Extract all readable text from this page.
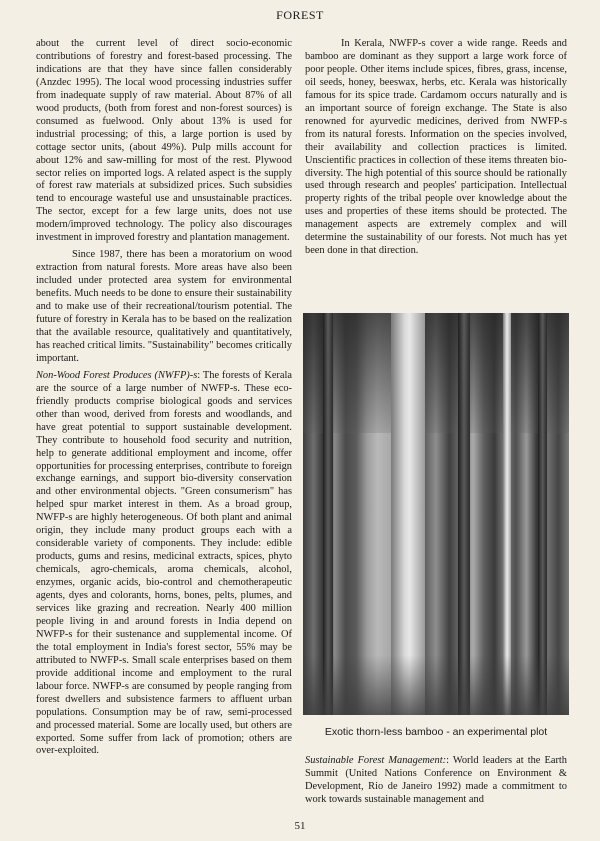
FOREST

about the current level of direct socio-economic contributions of forestry and forest-based processing. The indications are that they have since fallen considerably (Anzdec 1995). The local wood processing industries suffer from inadequate supply of raw material. About 87% of all wood products, (both from forest and non-forest sources) is consumed as fuelwood. Only about 13% is used for industrial processing; of this, a large portion is used by cottage sector units, (about 49%). Pulp mills account for about 12% and saw-milling for most of the rest. Plywood sector relies on imported logs. A related aspect is the supply of forest raw materials at subsidized prices. Such subsidies tend to encourage wasteful use and unsustainable practices. The sector, except for a few large units, does not use modern/improved technology. The policy also discourages investment in improved forestry and plantation management.

Since 1987, there has been a moratorium on wood extraction from natural forests. More areas have also been included under protected area system for environmental benefits. Much needs to be done to ensure their sustainability and to make use of their recreational/tourism potential. The future of forestry in Kerala has to be based on the realization that the available resource, qualitatively and quantitatively, has reached critical limits. "Sustainability" becomes critically important.

Non-Wood Forest Produces (NWFP)-s: The forests of Kerala are the source of a large number of NWFP-s. These eco-friendly products comprise biological goods and services other than wood, derived from forests and woodlands, and have great potential to support sustainable development. They contribute to household food security and nutrition, help to generate additional employment and income, offer opportunities for processing enterprises, contribute to foreign exchange earnings, and support bio-diversity conservation and other environmental objects. "Green consumerism" has helped spur market interest in them. As a broad group, NWFP-s are highly heterogeneous. Of both plant and animal origin, they include many product groups each with a considerable variety of components. They include: edible products, gums and resins, medicinal extracts, spices, phyto chemicals, agro-chemicals, aroma chemicals, alcohol, enzymes, organic acids, bio-control and chemotherapeutic agents, dyes and colorants, horns, bones, pelts, plumes, and services like grazing and recreation. Nearly 400 million people living in and around forests in India depend on NWFP-s for their sustenance and supplemental income. Of the total employment in India's forest sector, 55% may be attributed to NWFP-s. Small scale enterprises based on them provide additional income and employment to the rural labour force. NWFP-s are consumed by people ranging from forest dwellers and subsistence farmers to affluent urban populations. Consumption may be of raw, semi-processed and processed material. Some are locally used, but others are exported. Some suffer from lack of promotion; others are over-exploited.

In Kerala, NWFP-s cover a wide range. Reeds and bamboo are dominant as they support a large work force of poor people. Other items include spices, fibres, grass, incense, oil seeds, honey, beeswax, herbs, etc. Kerala was historically famous for its spice trade. Cardamom occurs naturally and is an important source of foreign exchange. The State is also renowned for ayurvedic medicines, derived from NWFP-s from its natural forests. Information on the species involved, their availability and collection practices is limited. Unscientific practices in collection of these items threaten bio-diversity. The high potential of this source should be rationally used through research and peoples' participation. Intellectual property rights of the tribal people over knowledge about the uses and properties of these items should be protected. The management aspects are extremely complex and will determine the sustainability of our forests. Not much has yet been done in that direction.

Exotic thorn-less bamboo - an experimental plot

Sustainable Forest Management:: World leaders at the Earth Summit (United Nations Conference on Environment & Development, Rio de Janeiro 1992) made a commitment to work towards sustainable management and

51
